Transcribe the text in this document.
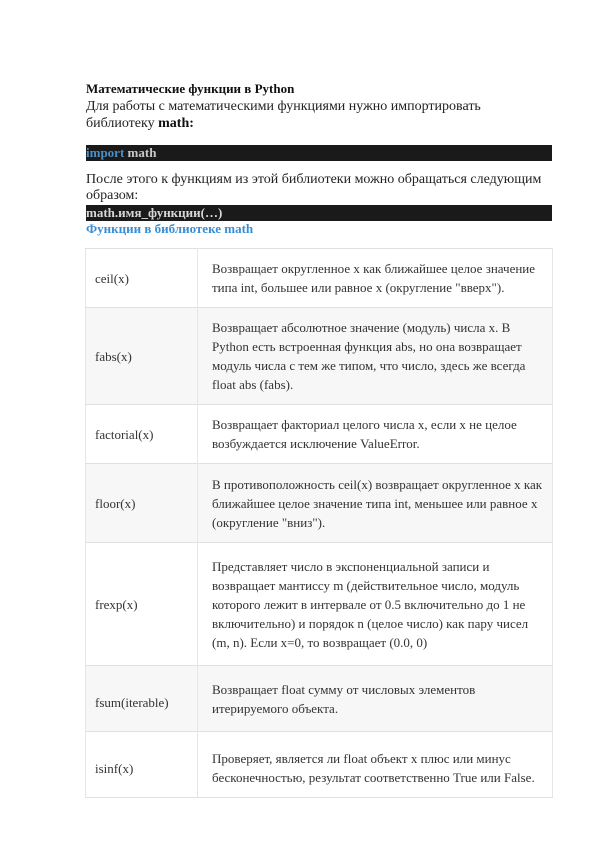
Математические функции в Python
Для работы с математическими функциями нужно импортировать библиотеку math:
import math
После этого к функциям из этой библиотеки можно обращаться следующим образом:
math.имя_функции(…)
Функции в библиотеке math
ceil(x)	Возвращает округленное x как ближайшее целое значение типа int, большее или равное x (округление "вверх").
fabs(x)	Возвращает абсолютное значение (модуль) числа x. В Python есть встроенная функция abs, но она возвращает модуль числа с тем же типом, что число, здесь же всегда float abs (fabs).
factorial(x)	Возвращает факториал целого числа x, если x не целое возбуждается исключение ValueError.
floor(x)	В противоположность ceil(x) возвращает округленное x как ближайшее целое значение типа int, меньшее или равное x (округление "вниз").
frexp(x)	Представляет число в экспоненциальной записи и возвращает мантиссу m (действительное число, модуль которого лежит в интервале от 0.5 включительно до 1 не включительно) и порядок n (целое число) как пару чисел (m, n). Если x=0, то возвращает (0.0, 0)
fsum(iterable)	Возвращает float сумму от числовых элементов итерируемого объекта.
isinf(x)	Проверяет, является ли float объект x плюс или минус бесконечностью, результат соответственно True или False.
